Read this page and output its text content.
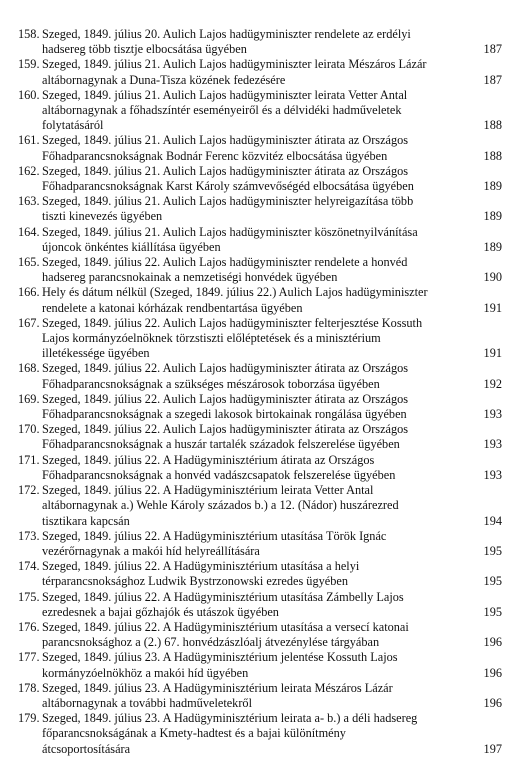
158. Szeged, 1849. július 20. Aulich Lajos hadügyminiszter rendelete az erdélyi
hadsereg több tisztje elbocsátása ügyében	187
159. Szeged, 1849. július 21. Aulich Lajos hadügyminiszter leirata Mészáros Lázár
altábornagynak a Duna-Tisza közének fedezésére	187
160. Szeged, 1849. július 21. Aulich Lajos hadügyminiszter leirata Vetter Antal
altábornagynak a főhadszíntér eseményeiről és a délvidéki hadműveletek
folytatásáról	188
161. Szeged, 1849. július 21. Aulich Lajos hadügyminiszter átirata az Országos
Főhadparancsnokságnak Bodnár Ferenc közvitéz elbocsátása ügyében	188
162. Szeged, 1849. július 21. Aulich Lajos hadügyminiszter átirata az Országos
Főhadparancsnokságnak Karst Károly számvevőségéd elbocsátása ügyében	189
163. Szeged, 1849. július 21. Aulich Lajos hadügyminiszter helyreigazítása több
tiszti kinevezés ügyében	189
164. Szeged, 1849. július 21. Aulich Lajos hadügyminiszter köszönetnyilvánítása
újoncok önkéntes kiállítása ügyében	189
165. Szeged, 1849. július 22. Aulich Lajos hadügyminiszter rendelete a honvéd
hadsereg parancsnokainak a nemzetiségi honvédek ügyében	190
166. Hely és dátum nélkül (Szeged, 1849. július 22.) Aulich Lajos hadügyminiszter
rendelete a katonai kórházak rendbentartása ügyében	191
167. Szeged, 1849. július 22. Aulich Lajos hadügyminiszter felterjesztése Kossuth
Lajos kormányzóelnöknek törzstiszti előléptetések és a minisztérium
illetékessége ügyében	191
168. Szeged, 1849. július 22. Aulich Lajos hadügyminiszter átirata az Országos
Főhadparancsnokságnak a szükséges mészárosok toborzása ügyében	192
169. Szeged, 1849. július 22. Aulich Lajos hadügyminiszter átirata az Országos
Főhadparancsnokságnak a szegedi lakosok birtokainak rongálása ügyében	193
170. Szeged, 1849. július 22. Aulich Lajos hadügyminiszter átirata az Országos
Főhadparancsnokságnak a huszár tartalék századok felszerelése ügyében	193
171. Szeged, 1849. július 22. A Hadügyminisztérium átirata az Országos
Főhadparancsnokságnak a honvéd vadászcsapatok felszerelése ügyében	193
172. Szeged, 1849. július 22. A Hadügyminisztérium leirata Vetter Antal
altábornagynak a.) Wehle Károly százados b.) a 12. (Nádor) huszárezred
tisztikara kapcsán	194
173. Szeged, 1849. július 22. A Hadügyminisztérium utasítása Török Ignác
vezérőrnagynak a makói híd helyreállítására	195
174. Szeged, 1849. július 22. A Hadügyminisztérium utasítása a helyi
térparancsnoksághoz Ludwik Bystrzonowski ezredes ügyében	195
175. Szeged, 1849. július 22. A Hadügyminisztérium utasítása Zámbelly Lajos
ezredesnek a bajai gőzhajók és utászok ügyében	195
176. Szeged, 1849. július 22. A Hadügyminisztérium utasítása a versecí katonai
parancsnoksághoz a (2.) 67. honvédzászlóalj átvezénylése tárgyában	196
177. Szeged, 1849. július 23. A Hadügyminisztérium jelentése Kossuth Lajos
kormányzóelnökhöz a makói híd ügyében	196
178. Szeged, 1849. július 23. A Hadügyminisztérium leirata Mészáros Lázár
altábornagynak a további hadműveletekről	196
179. Szeged, 1849. július 23. A Hadügyminisztérium leirata a- b.) a déli hadsereg
főparancsnokságának a Kmety-hadtest és a bajai különítmény
átcsoportosítására	197
